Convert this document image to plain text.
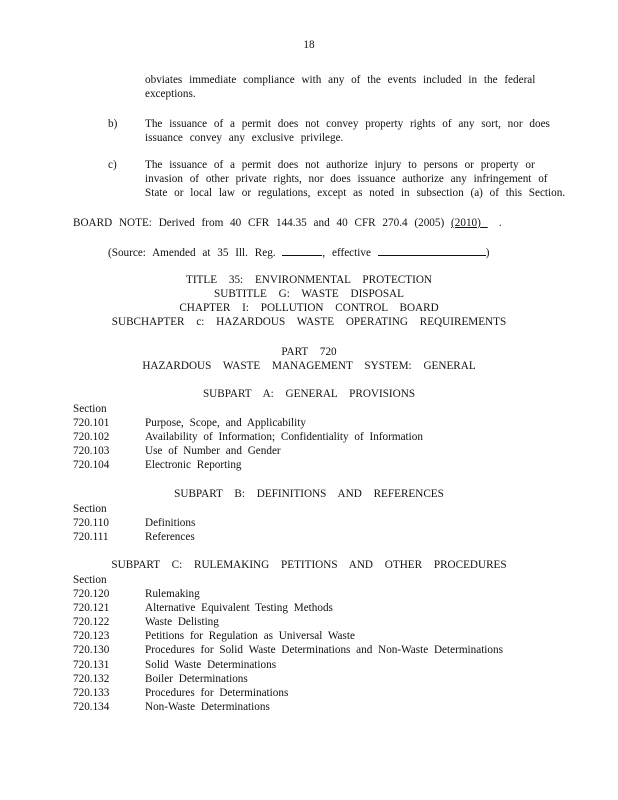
18
obviates immediate compliance with any of the events included in the federal
exceptions.
b) The issuance of a permit does not convey property rights of any sort, nor does
issuance convey any exclusive privilege.
c)	The issuance of a permit does not authorize injury to persons or property or
invasion of other private rights, nor does issuance authorize any infringement of
State or local law or regulations, except as noted in subsection (a) of this Section.
BOARD NOTE: Derived from 40 CFR 144.35 and 40 CFR 270.4 (2005) (2010) .
(Source: Amended at 35 Ill. Reg.	, effective	)
TITLE 35: ENVIRONMENTAL PROTECTION
SUBTITLE G: WASTE DISPOSAL
CHAPTER I: POLLUTION CONTROL BOARD
SUBCHAPTER c: HAZARDOUS WASTE OPERATING REQUIREMENTS
PART 720
HAZARDOUS WASTE MANAGEMENT SYSTEM: GENERAL
SUBPART A: GENERAL PROVISIONS
Section
720.101	Purpose, Scope, and Applicability
720.102	Availability of Information; Confidentiality of Information
720.103	Use of Number and Gender
720.104	Electronic Reporting
SUBPART B: DEFINITIONS AND REFERENCES
Section
720.110	Definitions
720.111	References
SUBPART C: RULEMAKING PETITIONS AND OTHER PROCEDURES
Section
720.120	Rulemaking
720.121	Alternative Equivalent Testing Methods
720.122	Waste Delisting
720.123	Petitions for Regulation as Universal Waste
720.130	Procedures for Solid Waste Determinations and Non-Waste Determinations
720.131	Solid Waste Determinations
720.132	Boiler Determinations
720.133	Procedures for Determinations
720.134	Non-Waste Determinations
